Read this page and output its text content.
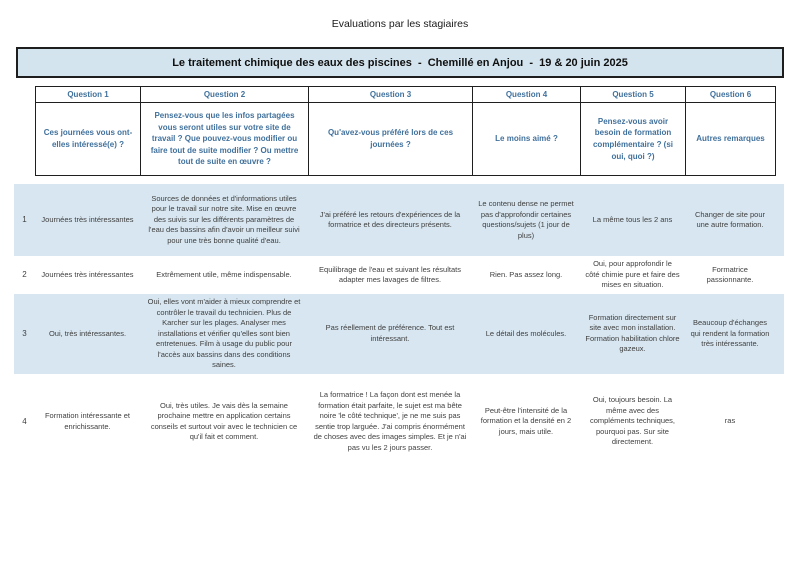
Evaluations par les stagiaires
Le traitement chimique des eaux des piscines  -  Chemillé en Anjou  -  19 & 20 juin 2025
Question 1	Question 2	Question 3	Question 4	Question 5	Question 6
Ces journées vous ont-elles intéressé(e) ?	Pensez-vous que les infos partagées vous seront utiles sur votre site de travail ? Que pouvez-vous modifier ou faire tout de suite modifier ? Ou mettre tout de suite en œuvre ?	Qu'avez-vous préféré lors de ces journées ?	Le moins aimé ?	Pensez-vous avoir besoin de formation complémentaire ? (si oui, quoi ?)	Autres remarques
1	Journées très intéressantes	Sources de données et d'informations utiles pour le travail sur notre site. Mise en œuvre des suivis sur les différents paramètres de l'eau des bassins afin d'avoir un meilleur suivi pour une très bonne qualité d'eau.	J'ai préféré les retours d'expériences de la formatrice et des directeurs présents.	Le contenu dense ne permet pas d'approfondir certaines questions/sujets (1 jour de plus)	La même tous les 2 ans	Changer de site pour une autre formation.	
2	Journées très intéressantes	Extrêmement utile, même indispensable.	Equilibrage de l'eau et suivant les résultats adapter mes lavages de filtres.	Rien. Pas assez long.	Oui, pour approfondir le côté chimie pure et faire des mises en situation.	Formatrice passionnante.	
3	Oui, très intéressantes.	Oui, elles vont m'aider à mieux comprendre et contrôler le travail du technicien. Plus de Karcher sur les plages. Analyser mes installations et vérifier qu'elles sont bien entretenues. Film à usage du public pour l'accès aux bassins dans des conditions saines.	Pas réellement de préférence. Tout est intéressant.	Le détail des molécules.	Formation directement sur site avec mon installation. Formation habilitation chlore gazeux.	Beaucoup d'échanges qui rendent la formation très intéressante.	
4	Formation intéressante et enrichissante.	Oui, très utiles. Je vais dès la semaine prochaine mettre en application certains conseils et surtout voir avec le technicien ce qu'il fait et comment.	La formatrice ! La façon dont est menée la formation était parfaite, le sujet est ma bête noire 'le côté technique', je ne me suis pas sentie trop larguée. J'ai compris énormément de choses avec des images simples. Et je n'ai pas vu les 2 jours passer.	Peut-être l'intensité de la formation et la densité en 2 jours, mais utile.	Oui, toujours besoin. La même avec des compléments techniques, pourquoi pas. Sur site directement.	ras	
